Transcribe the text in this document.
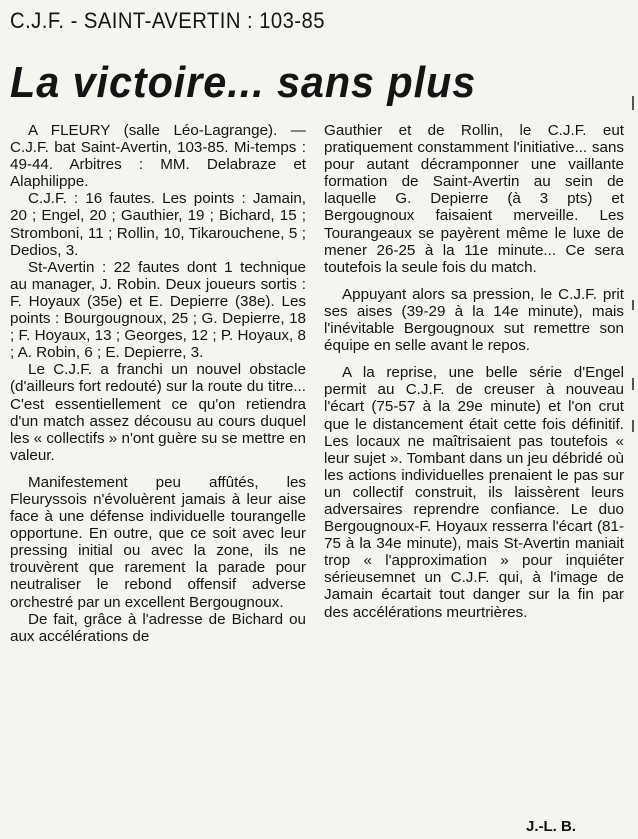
C.J.F. - SAINT-AVERTIN : 103-85
La victoire... sans plus

A FLEURY (salle Léo-Lagrange). — C.J.F. bat Saint-Avertin, 103-85. Mi-temps : 49-44. Arbitres : MM. Delabraze et Alaphilippe.

C.J.F. : 16 fautes. Les points : Jamain, 20 ; Engel, 20 ; Gauthier, 19 ; Bichard, 15 ; Stromboni, 11 ; Rollin, 10, Tikarouchene, 5 ; Dedios, 3.

St-Avertin : 22 fautes dont 1 technique au manager, J. Robin. Deux joueurs sortis : F. Hoyaux (35e) et E. Depierre (38e). Les points : Bourgougnoux, 25 ; G. Depierre, 18 ; F. Hoyaux, 13 ; Georges, 12 ; P. Hoyaux, 8 ; A. Robin, 6 ; E. Depierre, 3.

Le C.J.F. a franchi un nouvel obstacle (d'ailleurs fort redouté) sur la route du titre... C'est essentiellement ce qu'on retiendra d'un match assez décousu au cours duquel les « collectifs » n'ont guère su se mettre en valeur.

Manifestement peu affûtés, les Fleuryssois n'évoluèrent jamais à leur aise face à une défense individuelle tourangelle opportune. En outre, que ce soit avec leur pressing initial ou avec la zone, ils ne trouvèrent que rarement la parade pour neutraliser le rebond offensif adverse orchestré par un excellent Bergougnoux.

De fait, grâce à l'adresse de Bichard ou aux accélérations de

Gauthier et de Rollin, le C.J.F. eut pratiquement constamment l'initiative... sans pour autant décramponner une vaillante formation de Saint-Avertin au sein de laquelle G. Depierre (à 3 pts) et Bergougnoux faisaient merveille. Les Tourangeaux se payèrent même le luxe de mener 26-25 à la 11e minute... Ce sera toutefois la seule fois du match.

Appuyant alors sa pression, le C.J.F. prit ses aises (39-29 à la 14e minute), mais l'inévitable Bergougnoux sut remettre son équipe en selle avant le repos.

A la reprise, une belle série d'Engel permit au C.J.F. de creuser à nouveau l'écart (75-57 à la 29e minute) et l'on crut que le distancement était cette fois définitif. Les locaux ne maîtrisaient pas toutefois « leur sujet ». Tombant dans un jeu débridé où les actions individuelles prenaient le pas sur un collectif construit, ils laissèrent leurs adversaires reprendre confiance. Le duo Bergougnoux-F. Hoyaux resserra l'écart (81-75 à la 34e minute), mais St-Avertin maniait trop « l'approximation » pour inquiéter sérieusemnet un C.J.F. qui, à l'image de Jamain écartait tout danger sur la fin par des accélérations meurtrières.

J.-L. B.
